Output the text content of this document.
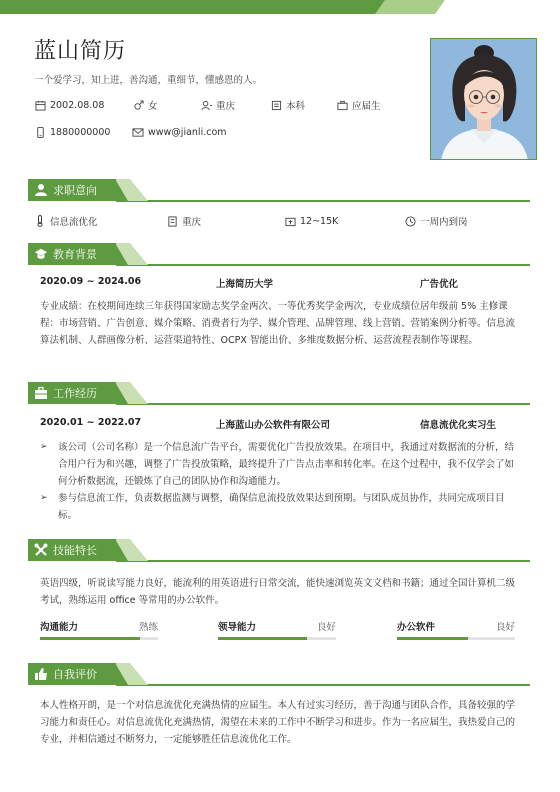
蓝山简历
一个爱学习，知上进，善沟通，重细节，懂感恩的人。
2002.08.08	女	重庆	本科	应届生
1880000000	www@jianli.com
求职意向
信息流优化	重庆	12~15K	一周内到岗
教育背景
2020.09 ~ 2024.06	上海简历大学	广告优化
专业成绩：在校期间连续三年获得国家励志奖学金两次、一等优秀奖学金两次，专业成绩位居年级前 5% 主修课程：市场营销、广告创意、媒介策略、消费者行为学、媒介管理、品牌管理、线上营销、营销案例分析等。信息流算法机制、人群画像分析、运营渠道特性、OCPX 智能出价、多维度数据分析、运营流程表制作等课程。
工作经历
2020.01 ~ 2022.07	上海蓝山办公软件有限公司	信息流优化实习生
➢ 该公司（公司名称）是一个信息流广告平台，需要优化广告投放效果。在项目中，我通过对数据流的分析，结合用户行为和兴趣，调整了广告投放策略，最终提升了广告点击率和转化率。在这个过程中，我不仅学会了如何分析数据流，还锻炼了自己的团队协作和沟通能力。
➢ 参与信息流工作，负责数据监测与调整，确保信息流投放效果达到预期。与团队成员协作，共同完成项目目标。
技能特长
英语四级，听说读写能力良好，能流利的用英语进行日常交流，能快速浏览英文文档和书籍；通过全国计算机二级考试，熟练运用 office 等常用的办公软件。
沟通能力	熟练	领导能力	良好	办公软件	良好
自我评价
本人性格开朗，是一个对信息流优化充满热情的应届生。本人有过实习经历，善于沟通与团队合作，具备较强的学习能力和责任心。对信息流优化充满热情，渴望在未来的工作中不断学习和进步。作为一名应届生，我热爱自己的专业，并相信通过不断努力，一定能够胜任信息流优化工作。
